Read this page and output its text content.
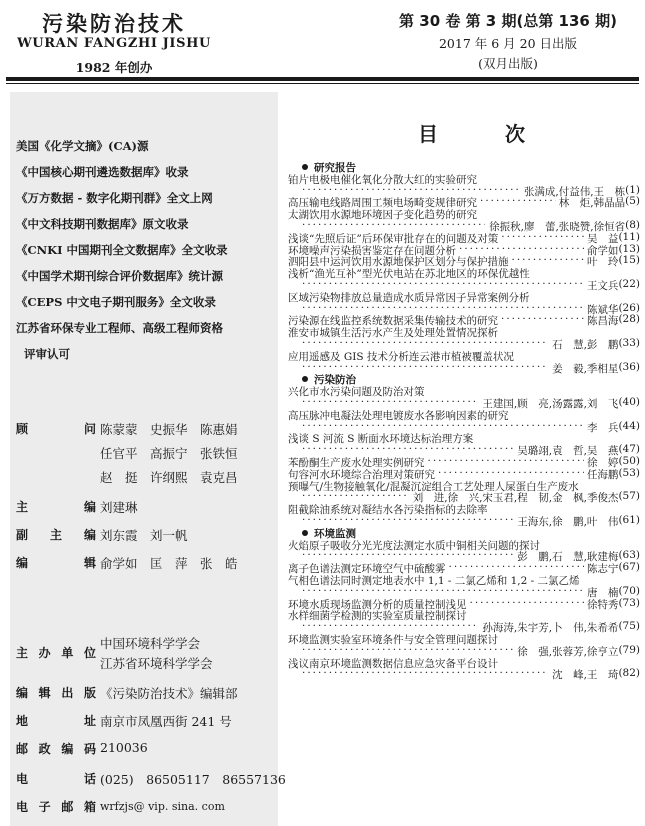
污染防治技术
WURAN FANGZHI JISHU
1982 年创办
第 30 卷 第 3 期(总第 136 期)
2017 年 6 月 20 日出版
(双月出版)
美国《化学文摘》(CA)源
《中国核心期刊遴选数据库》收录
《万方数据 - 数字化期刊群》全文上网
《中文科技期刊数据库》原文收录
《CNKI 中国期刊全文数据库》全文收录
《中国学术期刊综合评价数据库》统计源
《CEPS 中文电子期刊服务》全文收录
江苏省环保专业工程师、高级工程师资格
评审认可
顾	问 陈蒙蒙　史振华　陈惠娟
任官平　高振宁　张铁恒
赵　挺　许纲熙　袁克昌
主	编 刘建琳
副 主 编 刘东霞　刘一帆
编	辑 俞学如　匡　萍　张　皓
主 办 单 位
中国环境科学学会
江苏省环境科学学会
编 辑 出 版 《污染防治技术》编辑部
地	址 南京市凤凰西街 241 号
邮 政 编 码 210036
电	话 (025)　86505117　86557136
电 子 邮 箱 wrfzjs@ vip. sina. com
目 次
研究报告
铂片电极电催化氧化分散大红的实验研究
·····
张满成,付益伟,王　栋 (1)
高压输电线路周围工频电场畸变规律研究 ·····	林　炬,韩晶晶 (5)
太湖饮用水源地环境因子变化趋势的研究
·····
徐振秋,廖　蕾,张晓赞,徐恒省 (8)
浅谈“先照后证”后环保审批存在的问题及对策 ·····	吴　益 (11)
环境噪声污染损害鉴定存在问题分析 ·····	俞学如 (13)
泗阳县中运河饮用水源地保护区划分与保护措施 ·····	叶　玲 (15)
浅析“渔光互补”型光伏电站在苏北地区的环保优越性
·····
王文兵 (22)
区域污染物排放总量造成水质异常因子异常案例分析
·····
陈斌华 (26)
污染源在线监控系统数据采集传输技术的研究 ·····	陈昌海 (28)
淮安市城镇生活污水产生及处理处置情况探析
·····
石　慧,彭　鹏 (33)
应用遥感及 GIS 技术分析连云港市植被覆盖状况
·····
姜　毅,季相星 (36)
污染防治
兴化市水污染问题及防治对策
·····
王建国,顾　亮,汤露露,刘　飞 (40)
高压脉冲电凝法处理电镀废水各影响因素的研究
·····
李　兵 (44)
浅谈 S 河流 S 断面水环境达标治理方案
·····
吴璐翊,袁　哲,吴　燕 (47)
苯酚酮生产废水处理实例研究 ·····	徐　婷 (50)
句容河水环境综合治理对策研究 ·····	任海鹏 (53)
预曝气/生物接触氧化/混凝沉淀组合工艺处理人屎蛋白生产废水
·····
刘　进,徐　兴,宋玉君,程　韧,金　枫,季俊杰 (57)
阻截除油系统对凝结水各污染指标的去除率
·····
王海东,徐　鹏,叶　伟 (61)
环境监测
火焰原子吸收分光光度法测定水质中铜相关问题的探讨
·····
彭　鹏,石　慧,耿建梅 (63)
离子色谱法测定环境空气中硫酸雾 ·····	陈志宁 (67)
气相色谱法同时测定地表水中 1,1 - 二氯乙烯和 1,2 - 二氯乙烯
·····
唐　楠 (70)
环境水质现场监测分析的质量控制浅见 ·····	徐特秀 (73)
水样细菌学检测的实验室质量控制探讨
·····
孙海涛,朱宇芳,卜　伟,朱希希 (75)
环境监测实验室环境条件与安全管理问题探讨
·····
徐　强,张蓉芳,徐亨立 (79)
浅议南京环境监测数据信息应急灾备平台设计
·····
沈　峰,王　琦 (82)
